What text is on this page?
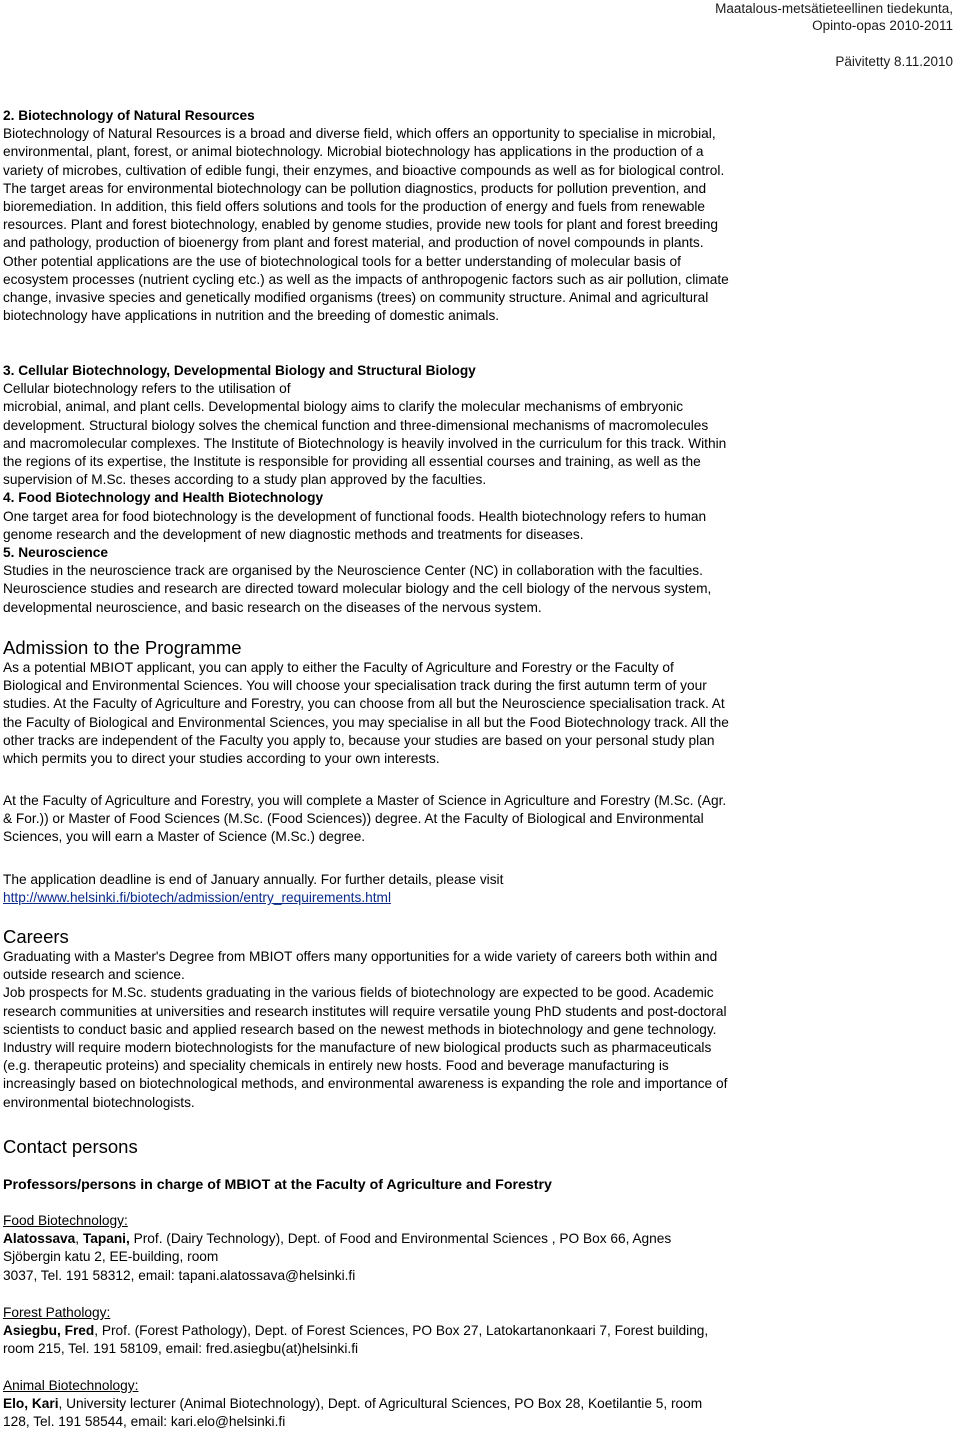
Maatalous-metsätieteellinen tiedekunta,
Opinto-opas 2010-2011
Päivitetty 8.11.2010

2. Biotechnology of Natural Resources

Biotechnology of Natural Resources is a broad and diverse field, which offers an opportunity to specialise in microbial,

environmental, plant, forest, or animal biotechnology. Microbial biotechnology has applications in the production of a

variety of microbes, cultivation of edible fungi, their enzymes, and bioactive compounds as well as for biological control.

The target areas for environmental biotechnology can be pollution diagnostics, products for pollution prevention, and

bioremediation. In addition, this field offers solutions and tools for the production of energy and fuels from renewable

resources. Plant and forest biotechnology, enabled by genome studies, provide new tools for plant and forest breeding

and pathology, production of bioenergy from plant and forest material, and production of novel compounds in plants.

Other potential applications are the use of biotechnological tools for a better understanding of molecular basis of

ecosystem processes (nutrient cycling etc.) as well as the impacts of anthropogenic factors such as air pollution, climate

change, invasive species and genetically modified organisms (trees) on community structure. Animal and agricultural

biotechnology have applications in nutrition and the breeding of domestic animals.

3. Cellular Biotechnology, Developmental Biology and Structural Biology

Cellular biotechnology refers to the utilisation of

microbial, animal, and plant cells. Developmental biology aims to clarify the molecular mechanisms of embryonic

development. Structural biology solves the chemical function and three-dimensional mechanisms of macromolecules

and macromolecular complexes. The Institute of Biotechnology is heavily involved in the curriculum for this track. Within

the regions of its expertise, the Institute is responsible for providing all essential courses and training, as well as the

supervision of M.Sc. theses according to a study plan approved by the faculties.

4. Food Biotechnology and Health Biotechnology

One target area for food biotechnology is the development of functional foods. Health biotechnology refers to human

genome research and the development of new diagnostic methods and treatments for diseases.

5. Neuroscience

Studies in the neuroscience track are organised by the Neuroscience Center (NC) in collaboration with the faculties.

Neuroscience studies and research are directed toward molecular biology and the cell biology of the nervous system,

developmental neuroscience, and basic research on the diseases of the nervous system.

Admission to the Programme

As a potential MBIOT applicant, you can apply to either the Faculty of Agriculture and Forestry or the Faculty of

Biological and Environmental Sciences. You will choose your specialisation track during the first autumn term of your

studies. At the Faculty of Agriculture and Forestry, you can choose from all but the Neuroscience specialisation track. At

the Faculty of Biological and Environmental Sciences, you may specialise in all but the Food Biotechnology track. All the

other tracks are independent of the Faculty you apply to, because your studies are based on your personal study plan

which permits you to direct your studies according to your own interests.

At the Faculty of Agriculture and Forestry, you will complete a Master of Science in Agriculture and Forestry (M.Sc. (Agr.

& For.)) or Master of Food Sciences (M.Sc. (Food Sciences)) degree. At the Faculty of Biological and Environmental

Sciences, you will earn a Master of Science (M.Sc.) degree.

The application deadline is end of January annually. For further details, please visit

http://www.helsinki.fi/biotech/admission/entry_requirements.html

Careers

Graduating with a Master's Degree from MBIOT offers many opportunities for a wide variety of careers both within and

outside research and science.

Job prospects for M.Sc. students graduating in the various fields of biotechnology are expected to be good. Academic

research communities at universities and research institutes will require versatile young PhD students and post-doctoral

scientists to conduct basic and applied research based on the newest methods in biotechnology and gene technology.

Industry will require modern biotechnologists for the manufacture of new biological products such as pharmaceuticals

(e.g. therapeutic proteins) and speciality chemicals in entirely new hosts. Food and beverage manufacturing is

increasingly based on biotechnological methods, and environmental awareness is expanding the role and importance of

environmental biotechnologists.

Contact persons
Professors/persons in charge of MBIOT at the Faculty of Agriculture and Forestry

Food Biotechnology:

Alatossava, Tapani, Prof. (Dairy Technology), Dept. of Food and Environmental Sciences , PO Box 66, Agnes

Sjöbergin katu 2, EE-building, room

3037, Tel. 191 58312, email: tapani.alatossava@helsinki.fi

Forest Pathology:

Asiegbu, Fred, Prof. (Forest Pathology), Dept. of Forest Sciences, PO Box 27, Latokartanonkaari 7, Forest building,

room 215, Tel. 191 58109, email: fred.asiegbu(at)helsinki.fi

Animal Biotechnology:

Elo, Kari, University lecturer (Animal Biotechnology), Dept. of Agricultural Sciences, PO Box 28, Koetilantie 5, room

128, Tel. 191 58544, email: kari.elo@helsinki.fi
